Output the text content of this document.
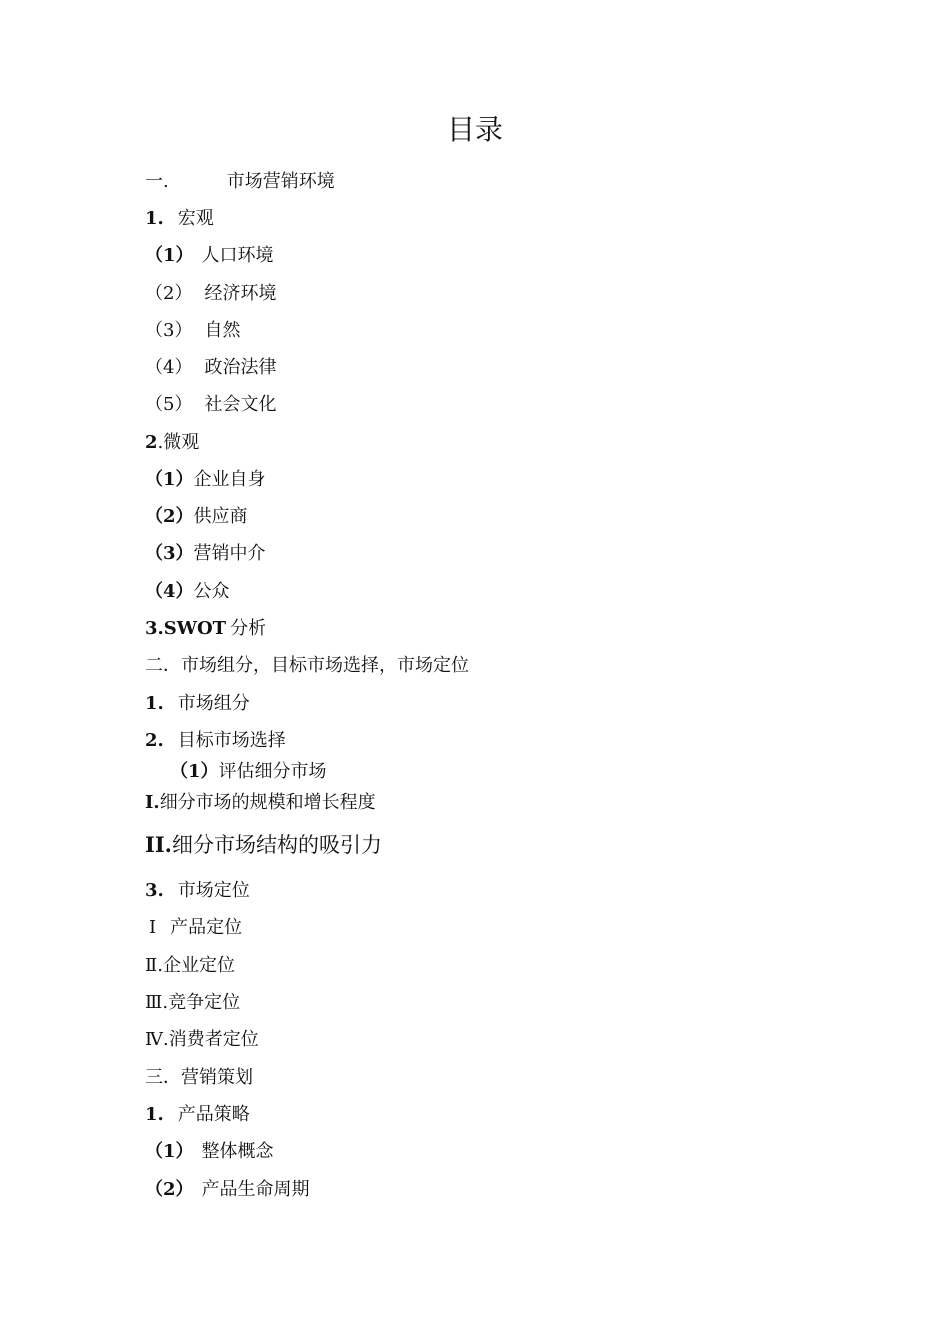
目录
一.	市场营销环境
1. 宏观
（1） 人口环境
（2） 经济环境
（3） 自然
（4） 政治法律
（5） 社会文化
2.微观
（1）企业自身
（2）供应商
（3）营销中介
（4）公众
3.SWOT 分析
二．市场组分，目标市场选择，市场定位
1. 市场组分
2. 目标市场选择
（1）评估细分市场
I.细分市场的规模和增长程度
II.细分市场结构的吸引力
3. 市场定位
Ⅰ 产品定位
Ⅱ.企业定位
Ⅲ.竞争定位
Ⅳ.消费者定位
三．营销策划
1. 产品策略
（1） 整体概念
（2） 产品生命周期
